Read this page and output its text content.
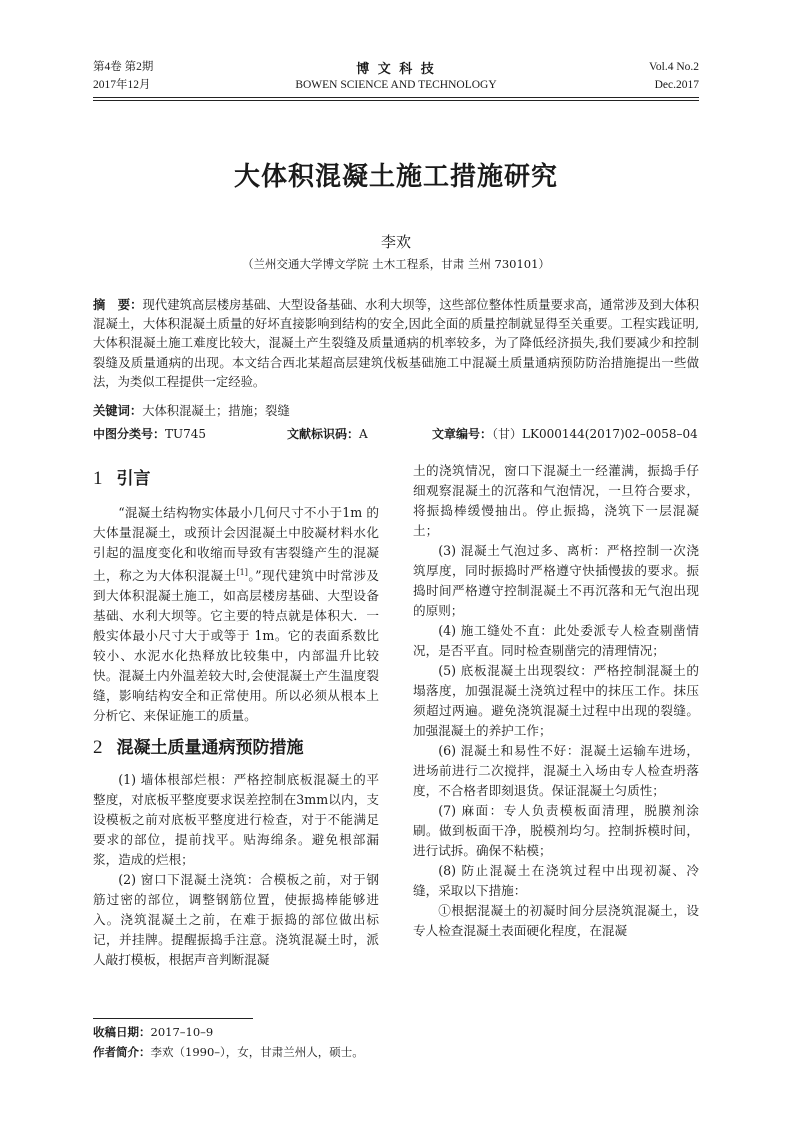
第4卷 第2期
2017年12月
博 文 科 技
BOWEN SCIENCE AND TECHNOLOGY
Vol.4 No.2
Dec.2017
大体积混凝土施工措施研究
李欢
（兰州交通大学博文学院 土木工程系，甘肃 兰州 730101）
摘　要：现代建筑高层楼房基础、大型设备基础、水利大坝等，这些部位整体性质量要求高，通常涉及到大体积混凝土，大体积混凝土质量的好坏直接影响到结构的安全,因此全面的质量控制就显得至关重要。工程实践证明,大体积混凝土施工难度比较大，混凝土产生裂缝及质量通病的机率较多，为了降低经济损失,我们要减少和控制裂缝及质量通病的出现。本文结合西北某超高层建筑伐板基础施工中混凝土质量通病预防防治措施提出一些做法，为类似工程提供一定经验。
关键词：大体积混凝土；措施；裂缝
中图分类号：TU745	文献标识码：A	文章编号：（甘）LK000144(2017)02–0058–04
1 引言

“混凝土结构物实体最小几何尺寸不小于1m 的大体量混凝土，或预计会因混凝土中胶凝材料水化引起的温度变化和收缩而导致有害裂缝产生的混凝土，称之为大体积混凝土[1]。”现代建筑中时常涉及到大体积混凝土施工，如高层楼房基础、大型设备基础、水利大坝等。它主要的特点就是体积大．一般实体最小尺寸大于或等于 1m。它的表面系数比较小、水泥水化热释放比较集中，内部温升比较快。混凝土内外温差较大时,会使混凝土产生温度裂缝，影响结构安全和正常使用。所以必须从根本上分析它、来保证施工的质量。

2 混凝土质量通病预防措施

(1) 墙体根部烂根：严格控制底板混凝土的平整度，对底板平整度要求误差控制在3mm以内，支设模板之前对底板平整度进行检查，对于不能满足要求的部位，提前找平。贴海绵条。避免根部漏浆，造成的烂根；

(2) 窗口下混凝土浇筑：合模板之前，对于钢筋过密的部位，调整钢筋位置，使振捣棒能够进入。浇筑混凝土之前，在难于振捣的部位做出标记，并挂牌。提醒振捣手注意。浇筑混凝土时，派人敲打模板，根据声音判断混凝

土的浇筑情况，窗口下混凝土一经灌满，振捣手仔细观察混凝土的沉落和气泡情况，一旦符合要求，将振捣棒缓慢抽出。停止振捣，浇筑下一层混凝土；

(3) 混凝土气泡过多、离析：严格控制一次浇筑厚度，同时振捣时严格遵守快插慢拔的要求。振捣时间严格遵守控制混凝土不再沉落和无气泡出现的原则；

(4) 施工缝处不直：此处委派专人检查剔凿情况，是否平直。同时检查剔凿完的清理情况；

(5) 底板混凝土出现裂纹：严格控制混凝土的塌落度，加强混凝土浇筑过程中的抹压工作。抹压须超过两遍。避免浇筑混凝土过程中出现的裂缝。加强混凝土的养护工作；

(6) 混凝土和易性不好：混凝土运输车进场，进场前进行二次搅拌，混凝土入场由专人检查坍落度，不合格者即刻退货。保证混凝土匀质性；

(7) 麻面：专人负责模板面清理，脱膜剂涂刷。做到板面干净，脱模剂均匀。控制拆模时间，进行试拆。确保不粘模；

(8) 防止混凝土在浇筑过程中出现初凝、冷缝，采取以下措施：

①根据混凝土的初凝时间分层浇筑混凝土，设专人检查混凝土表面硬化程度，在混凝

收稿日期：2017–10–9
作者简介：李欢（1990–），女，甘肃兰州人，硕士。
